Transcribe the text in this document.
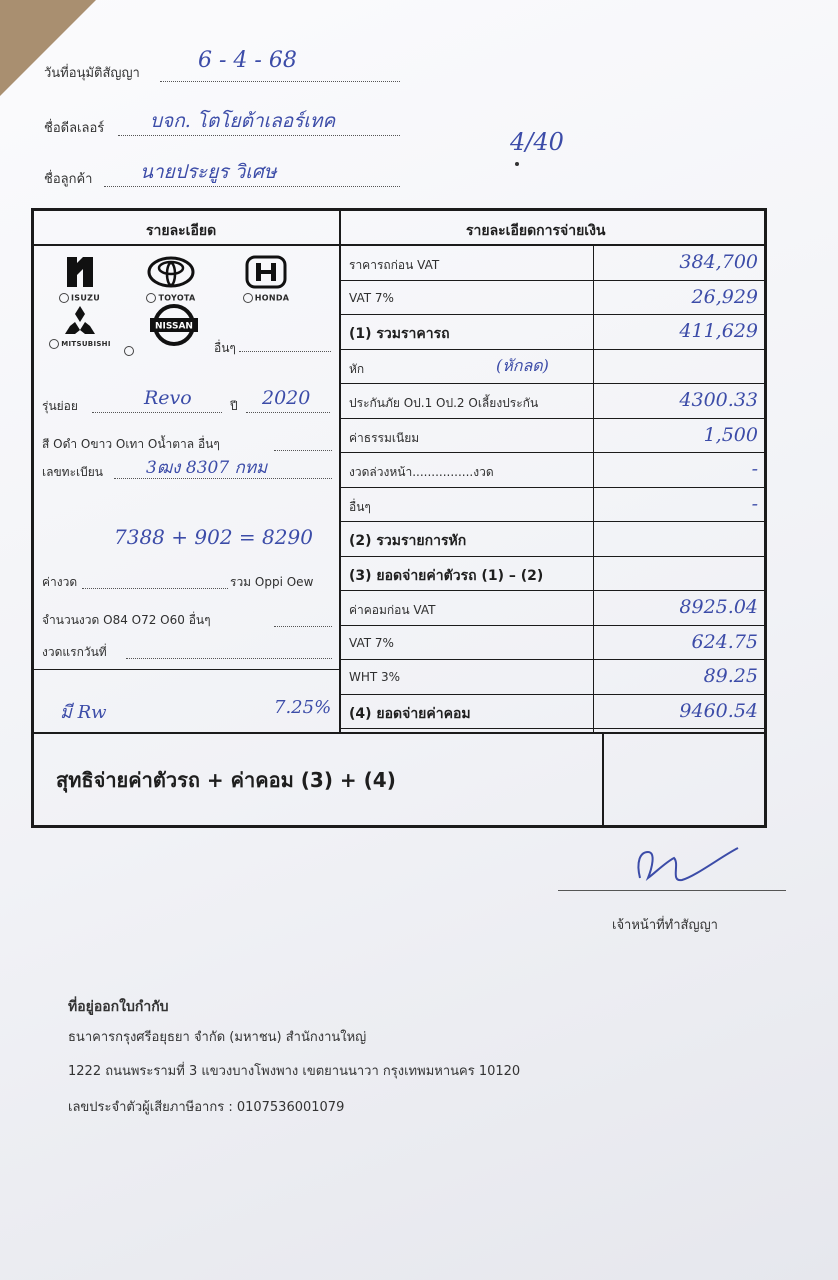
วันที่อนุมัติสัญญา
6 - 4 - 68
ชื่อดีลเลอร์ บจก. โตโยต้าเลอร์เทค
ชื่อลูกค้า	นายประยูร วิเศษ
4/40
รายละเอียด	รายละเอียดการจ่ายเงิน
ISUZU	TOYOTA	HONDA
MITSUBISHI
NISSAN
อื่นๆ
รุ่นย่อย	Revo	ปี 2020
สี Oดำ Oขาว Oเทา Oน้ำตาล อื่นๆ
เลขทะเบียน	3ฒง 8307 กทม
7388 + 902 = 8290
ค่างวด	รวม Oppi Oew
จำนวนงวด O84 O72 O60 อื่นๆ
งวดแรกวันที่
มี Rw	7.25%
ราคารถก่อน VAT	384,700
VAT 7%	26,929
(1) รวมราคารถ	411,629
หัก	(หักลด)
ประกันภัย Oป.1 Oป.2 Oเลี้ยงประกัน	4300.33
ค่าธรรมเนียม	1,500
งวดล่วงหน้า................งวด	-
อื่นๆ	-
(2) รวมรายการหัก
(3) ยอดจ่ายค่าตัวรถ (1) – (2)
ค่าคอมก่อน VAT	8925.04
VAT 7%	624.75
WHT 3%	89.25
(4) ยอดจ่ายค่าคอม	9460.54
สุทธิจ่ายค่าตัวรถ + ค่าคอม (3) + (4)
เจ้าหน้าที่ทำสัญญา
ที่อยู่ออกใบกำกับ
ธนาคารกรุงศรีอยุธยา จำกัด (มหาชน) สำนักงานใหญ่
1222 ถนนพระรามที่ 3 แขวงบางโพงพาง เขตยานนาวา กรุงเทพมหานคร 10120
เลขประจำตัวผู้เสียภาษีอากร : 0107536001079
